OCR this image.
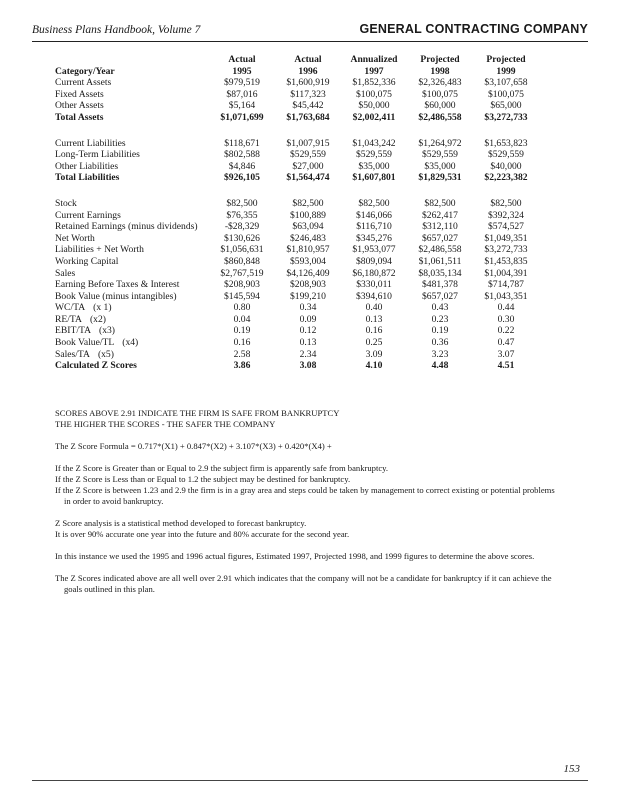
Business Plans Handbook, Volume 7	GENERAL CONTRACTING COMPANY
	Actual	Actual	Annualized	Projected	Projected
Category/Year	1995	1996	1997	1998	1999
Current Assets	$979,519	$1,600,919	$1,852,336	$2,326,483	$3,107,658
Fixed Assets	$87,016	$117,323	$100,075	$100,075	$100,075
Other Assets	$5,164	$45,442	$50,000	$60,000	$65,000
Total Assets	$1,071,699	$1,763,684	$2,002,411	$2,486,558	$3,272,733

Current Liabilities	$118,671	$1,007,915	$1,043,242	$1,264,972	$1,653,823
Long-Term Liabilities	$802,588	$529,559	$529,559	$529,559	$529,559
Other Liabilities	$4,846	$27,000	$35,000	$35,000	$40,000
Total Liabilities	$926,105	$1,564,474	$1,607,801	$1,829,531	$2,223,382

Stock	$82,500	$82,500	$82,500	$82,500	$82,500
Current Earnings	$76,355	$100,889	$146,066	$262,417	$392,324
Retained Earnings (minus dividends)	-$28,329	$63,094	$116,710	$312,110	$574,527
Net Worth	$130,626	$246,483	$345,276	$657,027	$1,049,351
Liabilities + Net Worth	$1,056,631	$1,810,957	$1,953,077	$2,486,558	$3,272,733
Working Capital	$860,848	$593,004	$809,094	$1,061,511	$1,453,835
Sales	$2,767,519	$4,126,409	$6,180,872	$8,035,134	$1,004,391
Earning Before Taxes & Interest	$208,903	$208,903	$330,011	$481,378	$714,787
Book Value (minus intangibles)	$145,594	$199,210	$394,610	$657,027	$1,043,351
WC/TA (x 1)	0.80	0.34	0.40	0.43	0.44
RE/TA (x2)	0.04	0.09	0.13	0.23	0.30
EBIT/TA (x3)	0.19	0.12	0.16	0.19	0.22
Book Value/TL (x4)	0.16	0.13	0.25	0.36	0.47
Sales/TA (x5)	2.58	2.34	3.09	3.23	3.07
Calculated Z Scores	3.86	3.08	4.10	4.48	4.51

SCORES ABOVE 2.91 INDICATE THE FIRM IS SAFE FROM BANKRUPTCY

THE HIGHER THE SCORES - THE SAFER THE COMPANY

The Z Score Formula = 0.717*(X1) + 0.847*(X2) + 3.107*(X3) + 0.420*(X4) +

If the Z Score is Greater than or Equal to 2.9 the subject firm is apparently safe from bankruptcy.

If the Z Score is Less than or Equal to 1.2 the subject may be destined for bankruptcy.

If the Z Score is between 1.23 and 2.9 the firm is in a gray area and steps could be taken by management to correct existing or potential problems in order to avoid bankruptcy.

Z Score analysis is a statistical method developed to forecast bankruptcy.

It is over 90% accurate one year into the future and 80% accurate for the second year.

In this instance we used the 1995 and 1996 actual figures, Estimated 1997, Projected 1998, and 1999 figures to determine the above scores.

The Z Scores indicated above are all well over 2.91 which indicates that the company will not be a candidate for bankruptcy if it can achieve the goals outlined in this plan.

153
